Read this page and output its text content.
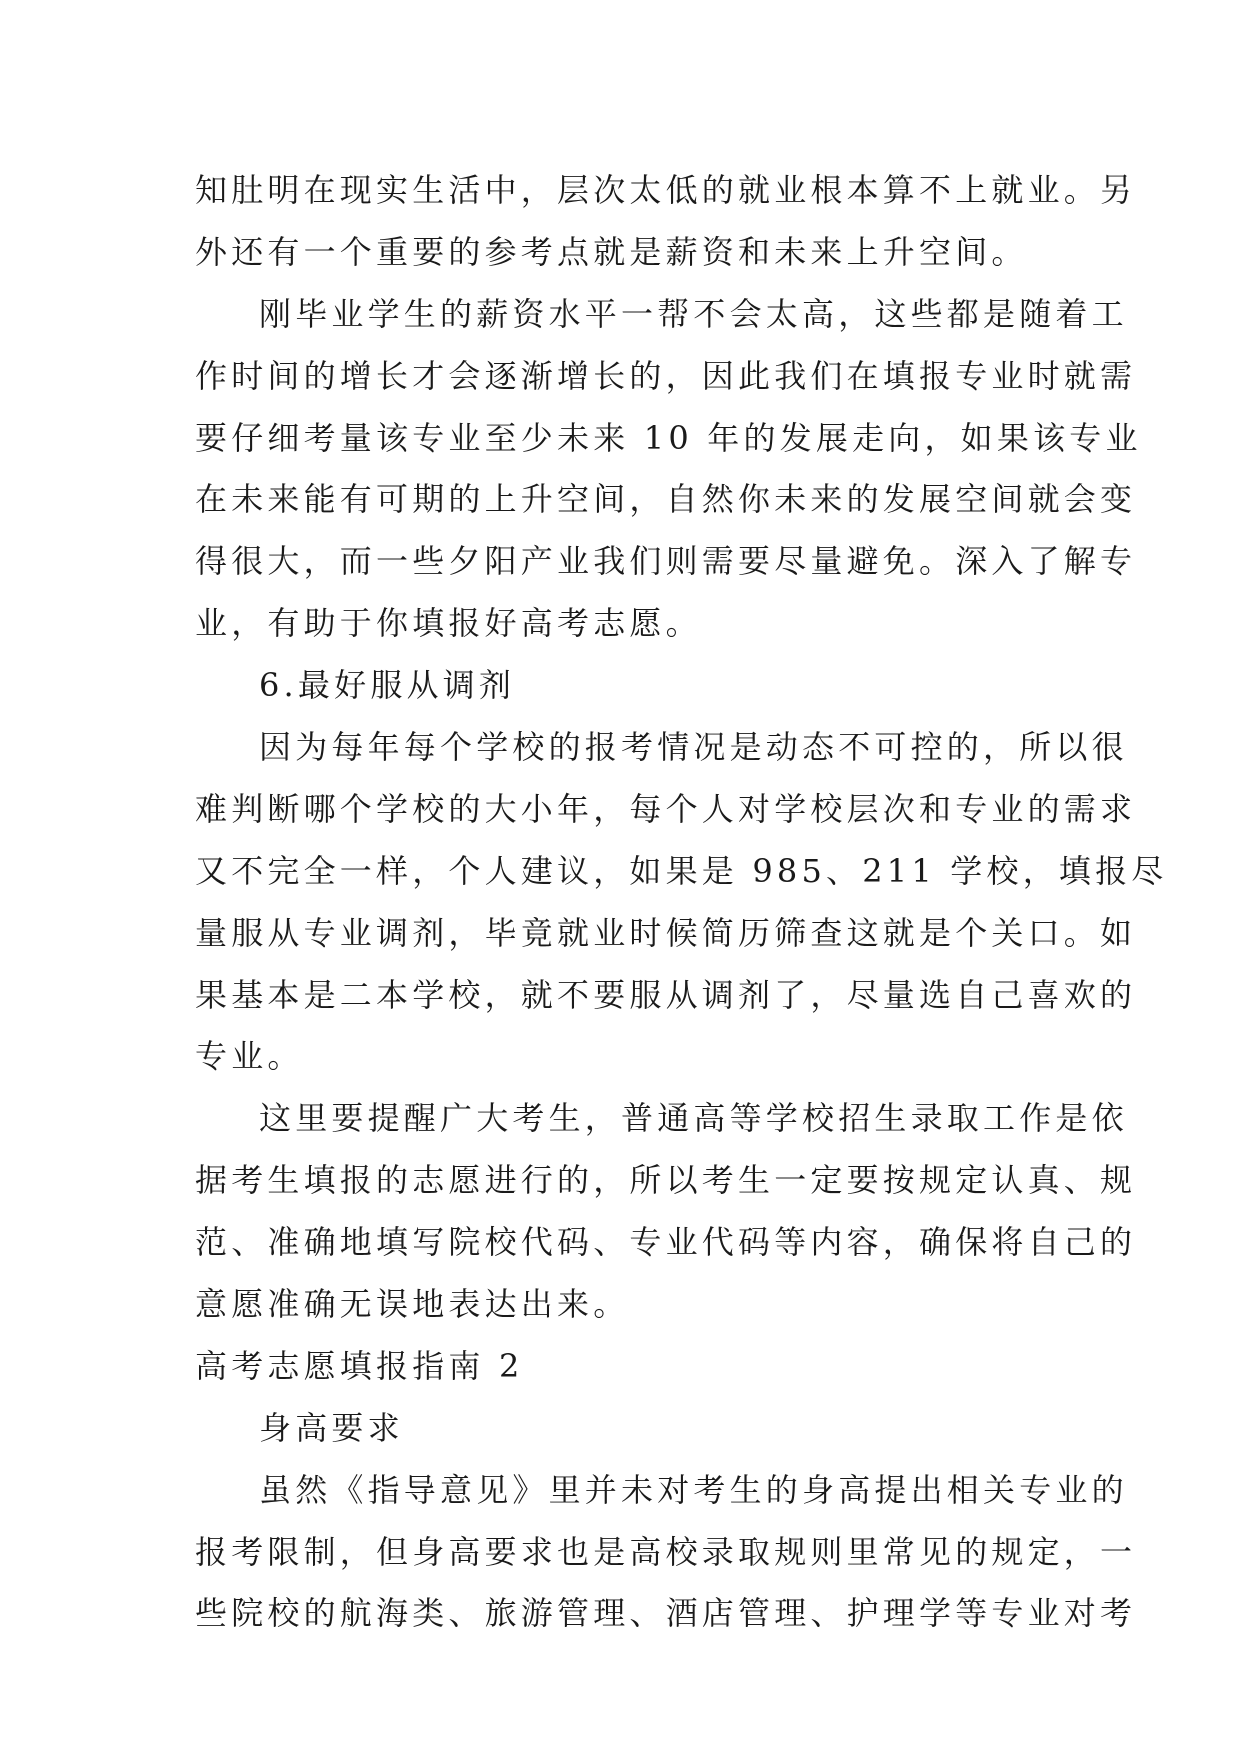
知肚明在现实生活中，层次太低的就业根本算不上就业。另
外还有一个重要的参考点就是薪资和未来上升空间。
刚毕业学生的薪资水平一帮不会太高，这些都是随着工
作时间的增长才会逐渐增长的，因此我们在填报专业时就需
要仔细考量该专业至少未来 10 年的发展走向，如果该专业
在未来能有可期的上升空间，自然你未来的发展空间就会变
得很大，而一些夕阳产业我们则需要尽量避免。深入了解专
业，有助于你填报好高考志愿。
6.最好服从调剂
因为每年每个学校的报考情况是动态不可控的，所以很
难判断哪个学校的大小年，每个人对学校层次和专业的需求
又不完全一样，个人建议，如果是 985、211 学校，填报尽
量服从专业调剂，毕竟就业时候简历筛查这就是个关口。如
果基本是二本学校，就不要服从调剂了，尽量选自己喜欢的
专业。
这里要提醒广大考生，普通高等学校招生录取工作是依
据考生填报的志愿进行的，所以考生一定要按规定认真、规
范、准确地填写院校代码、专业代码等内容，确保将自己的
意愿准确无误地表达出来。
高考志愿填报指南 2
身高要求
虽然《指导意见》里并未对考生的身高提出相关专业的
报考限制，但身高要求也是高校录取规则里常见的规定，一
些院校的航海类、旅游管理、酒店管理、护理学等专业对考
